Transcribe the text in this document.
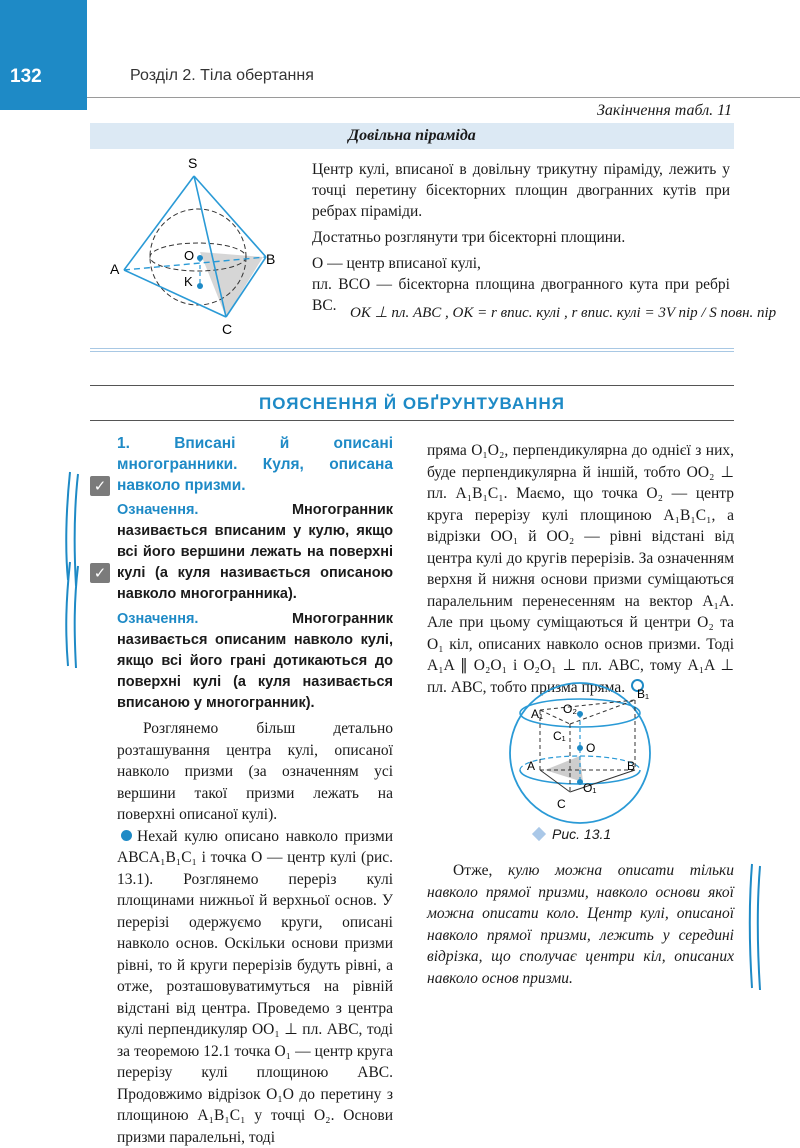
132	Розділ 2. Тіла обертання
Закінчення табл. 11
Довільна піраміда
S
A
B
C
O
K

Центр кулі, вписаної в довільну трикутну піраміду, лежить у точці перетину бісекторних площин двогранних кутів при ребрах піраміди.

Достатньо розглянути три бісекторні площини.

O — центр вписаної кулі,

пл. BCO — бісекторна площина двогранного кута при ребрі BC. OK ⊥ пл. ABC , OK = r впис. кулі , r впис. кулі = 3V пір / S повн. пір
ПОЯСНЕННЯ Й ОБҐРУНТУВАННЯ
✓
✓

1. Вписані й описані многогранники. Куля, описана навколо призми.

Означення.	Многогранник називається вписаним у кулю, якщо всі його вершини лежать на поверхні кулі (а куля називається описаною навколо многогранника).

Означення.	Многогранник називається описаним навколо кулі, якщо всі його грані дотикаються до поверхні кулі (а куля називається вписаною у многогранник).

Розглянемо більш детально розташування центра кулі, описаної навколо призми (за означенням усі вершини такої призми лежать на поверхні описаної кулі).

Нехай кулю описано навколо призми ABCA₁B₁C₁ і точка O — центр кулі (рис. 13.1). Розглянемо переріз кулі площинами нижньої й верхньої основ. У перерізі одержуємо круги, описані навколо основ. Оскільки основи призми рівні, то й круги перерізів будуть рівні, а отже, розташовуватимуться на рівній відстані від центра. Проведемо з центра кулі перпендикуляр OO₁ ⊥ пл. ABC, тоді за теоремою 12.1 точка O₁ — центр круга перерізу кулі площиною ABC. Продовжимо відрізок O₁O до перетину з площиною A₁B₁C₁ у точці O₂. Основи призми паралельні, тоді

пряма O₁O₂, перпендикулярна до однієї з них, буде перпендикулярна й іншій, тобто OO₂ ⊥ пл. A₁B₁C₁. Маємо, що точка O₂ — центр круга перерізу кулі площиною A₁B₁C₁, а відрізки OO₁ й OO₂ — рівні відстані від центра кулі до кругів перерізів. За означенням верхня й нижня основи призми суміщаються паралельним перенесенням на вектор A₁A. Але при цьому суміщаються й центри O₂ та O₁ кіл, описаних навколо основ призми. Тоді A₁A ∥ O₂O₁ і O₂O₁ ⊥ пл. ABC, тому A₁A ⊥ пл. ABC, тобто призма пряма.

A₁ O₂
B₁
C₁
O
A	B
O₁
C
Рис. 13.1
Отже, кулю можна описати тільки навколо прямої призми, навколо основи якої можна описати коло. Центр кулі, описаної навколо прямої призми, лежить у середині відрізка, що сполучає центри кіл, описаних навколо основ призми.
